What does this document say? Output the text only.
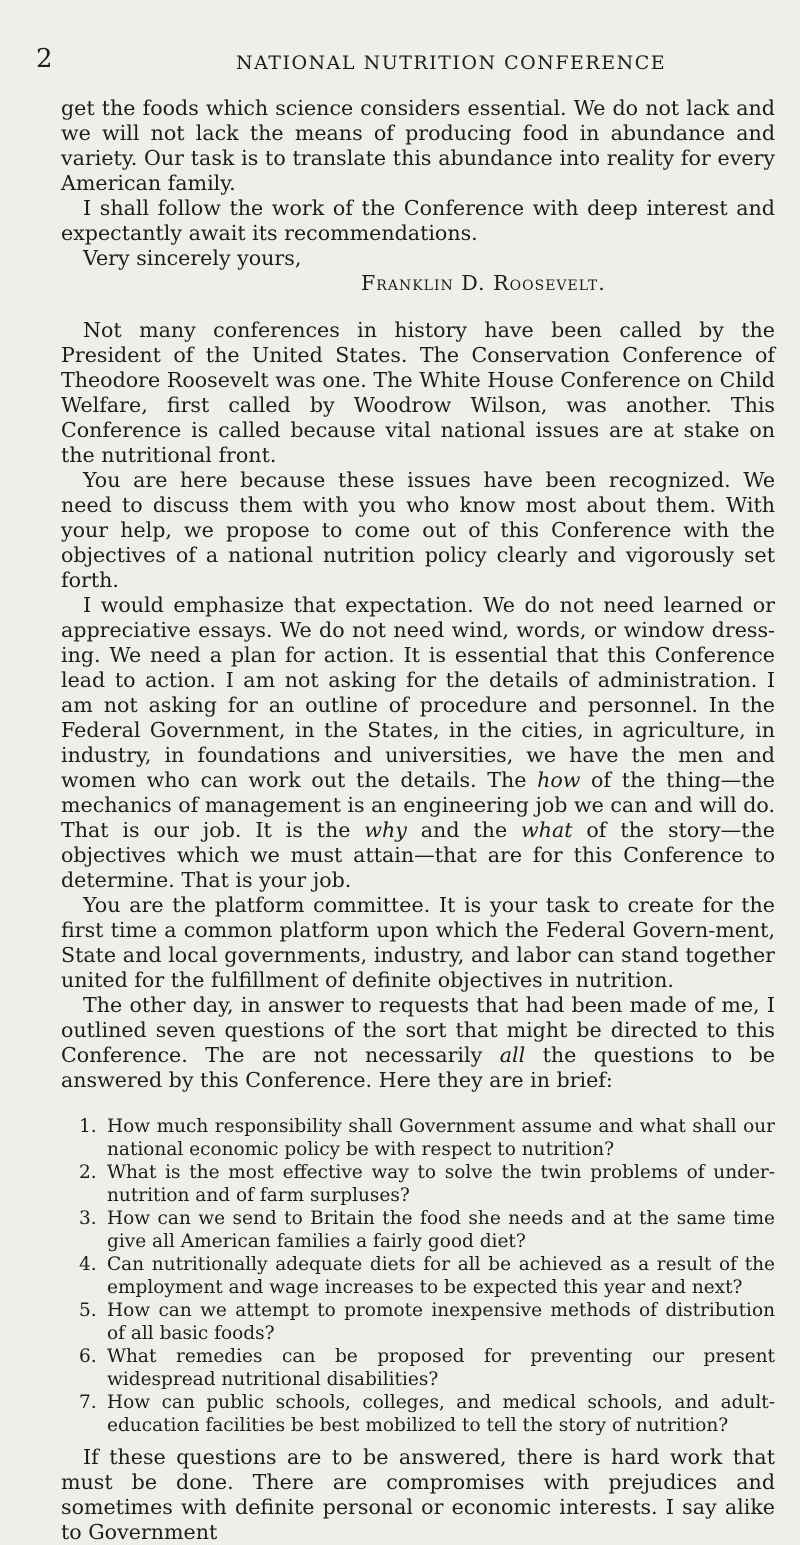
2	NATIONAL NUTRITION CONFERENCE

get the foods which science considers essential. We do not lack and we will not lack the means of producing food in abundance and variety. Our task is to translate this abundance into reality for every American family.

I shall follow the work of the Conference with deep interest and expectantly await its recommendations.

Very sincerely yours,

Franklin D. Roosevelt.

Not many conferences in history have been called by the President of the United States. The Conservation Conference of Theodore Roosevelt was one. The White House Conference on Child Welfare, first called by Woodrow Wilson, was another. This Conference is called because vital national issues are at stake on the nutritional front.

You are here because these issues have been recognized. We need to discuss them with you who know most about them. With your help, we propose to come out of this Conference with the objectives of a national nutrition policy clearly and vigorously set forth.

I would emphasize that expectation. We do not need learned or appreciative essays. We do not need wind, words, or window dress-ing. We need a plan for action. It is essential that this Conference lead to action. I am not asking for the details of administration. I am not asking for an outline of procedure and personnel. In the Federal Government, in the States, in the cities, in agriculture, in industry, in foundations and universities, we have the men and women who can work out the details. The how of the thing—the mechanics of management is an engineering job we can and will do. That is our job. It is the why and the what of the story—the objectives which we must attain—that are for this Conference to determine. That is your job.

You are the platform committee. It is your task to create for the first time a common platform upon which the Federal Govern-ment, State and local governments, industry, and labor can stand together united for the fulfillment of definite objectives in nutrition.

The other day, in answer to requests that had been made of me, I outlined seven questions of the sort that might be directed to this Conference. The are not necessarily all the questions to be answered by this Conference. Here they are in brief:

1. How much responsibility shall Government assume and what shall our national economic policy be with respect to nutrition?
2. What is the most effective way to solve the twin problems of under-nutrition and of farm surpluses?
3. How can we send to Britain the food she needs and at the same time give all American families a fairly good diet?
4. Can nutritionally adequate diets for all be achieved as a result of the employment and wage increases to be expected this year and next?
5. How can we attempt to promote inexpensive methods of distribution of all basic foods?
6. What remedies can be proposed for preventing our present widespread nutritional disabilities?
7. How can public schools, colleges, and medical schools, and adult-education facilities be best mobilized to tell the story of nutrition?

If these questions are to be answered, there is hard work that must be done. There are compromises with prejudices and sometimes with definite personal or economic interests. I say alike to Government
